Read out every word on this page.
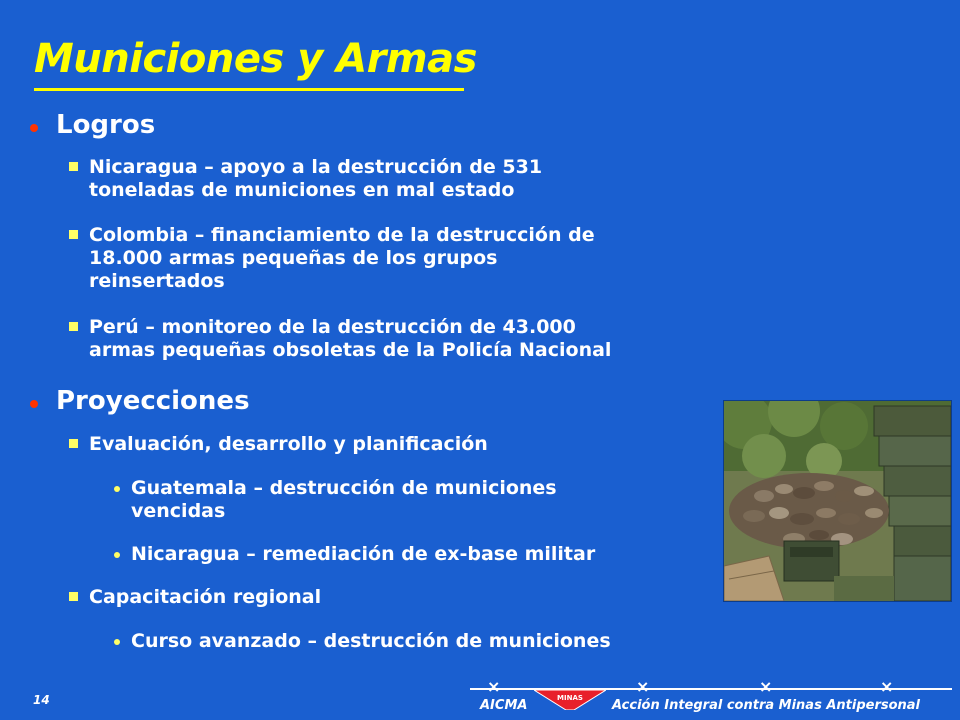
Municiones y Armas
Logros
Nicaragua – apoyo a la destrucción de 531
toneladas de municiones en mal estado
Colombia – financiamiento de la destrucción de
18.000 armas pequeñas de los grupos
reinsertados
Perú – monitoreo de la destrucción de 43.000
armas pequeñas obsoletas de la Policía Nacional
Proyecciones
Evaluación, desarrollo y planificación
Guatemala – destrucción de municiones
vencidas
Nicaragua – remediación de ex-base militar
Capacitación regional
Curso avanzado – destrucción de municiones
14
×	×	×	×
MINAS
AICMA	Acción Integral contra Minas Antipersonal
